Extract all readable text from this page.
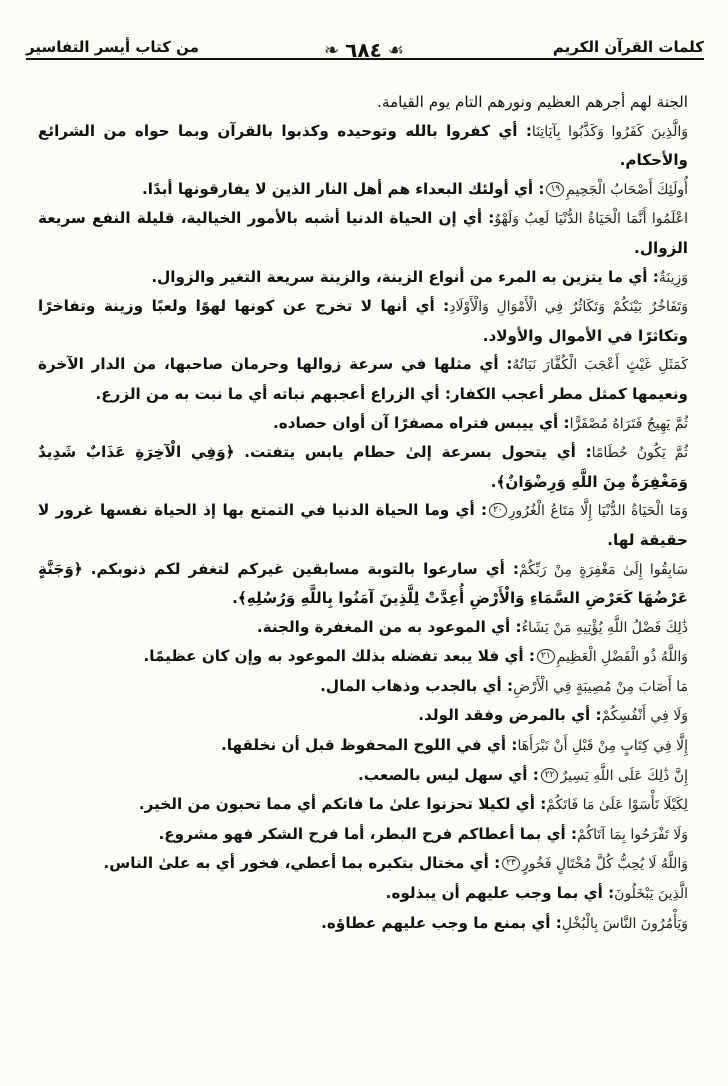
كلمات القرآن الكريم
من كتاب أيسر التفاسير	❧ ٦٨٤ ☙

الجنة لهم أجرهم العظيم ونورهم التام يوم القيامة.

وَالَّذِينَ كَفَرُوا وَكَذَّبُوا بِآيَاتِنَا: أي كفروا بالله وتوحيده وكذبوا بالقرآن وبما حواه من الشرائع والأحكام.

أُولَئِكَ أَصْحَابُ الْجَحِيمِ١٩: أي أولئك البعداء هم أهل النار الذين لا يفارقونها أبدًا.

اعْلَمُوا أَنَّمَا الْحَيَاةُ الدُّنْيَا لَعِبٌ وَلَهْوٌ: أي إن الحياة الدنيا أشبه بالأمور الخيالية، قليلة النفع سريعة الزوال.

وَزِينَةٌ: أي ما يتزين به المرء من أنواع الزينة، والزينة سريعة التغير والزوال.

وَتَفَاخُرٌ بَيْنَكُمْ وَتَكَاثُرٌ فِي الْأَمْوَالِ وَالْأَوْلَادِ: أي أنها لا تخرج عن كونها لهوًا ولعبًا وزينة وتفاخرًا وتكاثرًا في الأموال والأولاد.

كَمَثَلِ غَيْثٍ أَعْجَبَ الْكُفَّارَ نَبَاتُهُ: أي مثلها في سرعة زوالها وحرمان صاحبها، من الدار الآخرة ونعيمها كمثل مطر أعجب الكفار: أي الزراع أعجبهم نباته أي ما نبت به من الزرع.

ثُمَّ يَهِيجُ فَتَرَاهُ مُصْفَرًّا: أي ييبس فتراه مصفرًا آن أوان حصاده.

ثُمَّ يَكُونُ حُطَامًا: أي يتحول بسرعة إلىٰ حطام يابس يتفتت. ﴿وَفِي الْآخِرَةِ عَذَابٌ شَدِيدٌ وَمَغْفِرَةٌ مِنَ اللَّهِ وَرِضْوَانٌ﴾.

وَمَا الْحَيَاةُ الدُّنْيَا إِلَّا مَتَاعُ الْغُرُورِ٢٠: أي وما الحياة الدنيا في التمتع بها إذ الحياة نفسها غرور لا حقيقة لها.

سَابِقُوا إِلَىٰ مَغْفِرَةٍ مِنْ رَبِّكُمْ: أي سارعوا بالتوبة مسابقين غيركم لتغفر لكم ذنوبكم. ﴿وَجَنَّةٍ عَرْضُهَا كَعَرْضِ السَّمَاءِ وَالْأَرْضِ أُعِدَّتْ لِلَّذِينَ آمَنُوا بِاللَّهِ وَرُسُلِهِ﴾.

ذَٰلِكَ فَضْلُ اللَّهِ يُؤْتِيهِ مَنْ يَشَاءُ: أي الموعود به من المغفرة والجنة.

وَاللَّهُ ذُو الْفَضْلِ الْعَظِيمِ٢١: أي فلا يبعد تفضله بذلك الموعود به وإن كان عظيمًا.

مَا أَصَابَ مِنْ مُصِيبَةٍ فِي الْأَرْضِ: أي بالجدب وذهاب المال.

وَلَا فِي أَنْفُسِكُمْ: أي بالمرض وفقد الولد.

إِلَّا فِي كِتَابٍ مِنْ قَبْلِ أَنْ نَبْرَأَهَا: أي في اللوح المحفوظ قبل أن نخلقها.

إِنَّ ذَٰلِكَ عَلَى اللَّهِ يَسِيرٌ٢٢: أي سهل ليس بالصعب.

لِكَيْلَا تَأْسَوْا عَلَىٰ مَا فَاتَكُمْ: أي لكيلا تحزنوا علىٰ ما فاتكم أي مما تحبون من الخير.

وَلَا تَفْرَحُوا بِمَا آتَاكُمْ: أي بما أعطاكم فرح البطر، أما فرح الشكر فهو مشروع.

وَاللَّهُ لَا يُحِبُّ كُلَّ مُخْتَالٍ فَخُورٍ٢٣: أي مختال بتكبره بما أعطي، فخور أي به علىٰ الناس.

الَّذِينَ يَبْخَلُونَ: أي بما وجب عليهم أن يبذلوه.

وَيَأْمُرُونَ النَّاسَ بِالْبُخْلِ: أي بمنع ما وجب عليهم عطاؤه.
